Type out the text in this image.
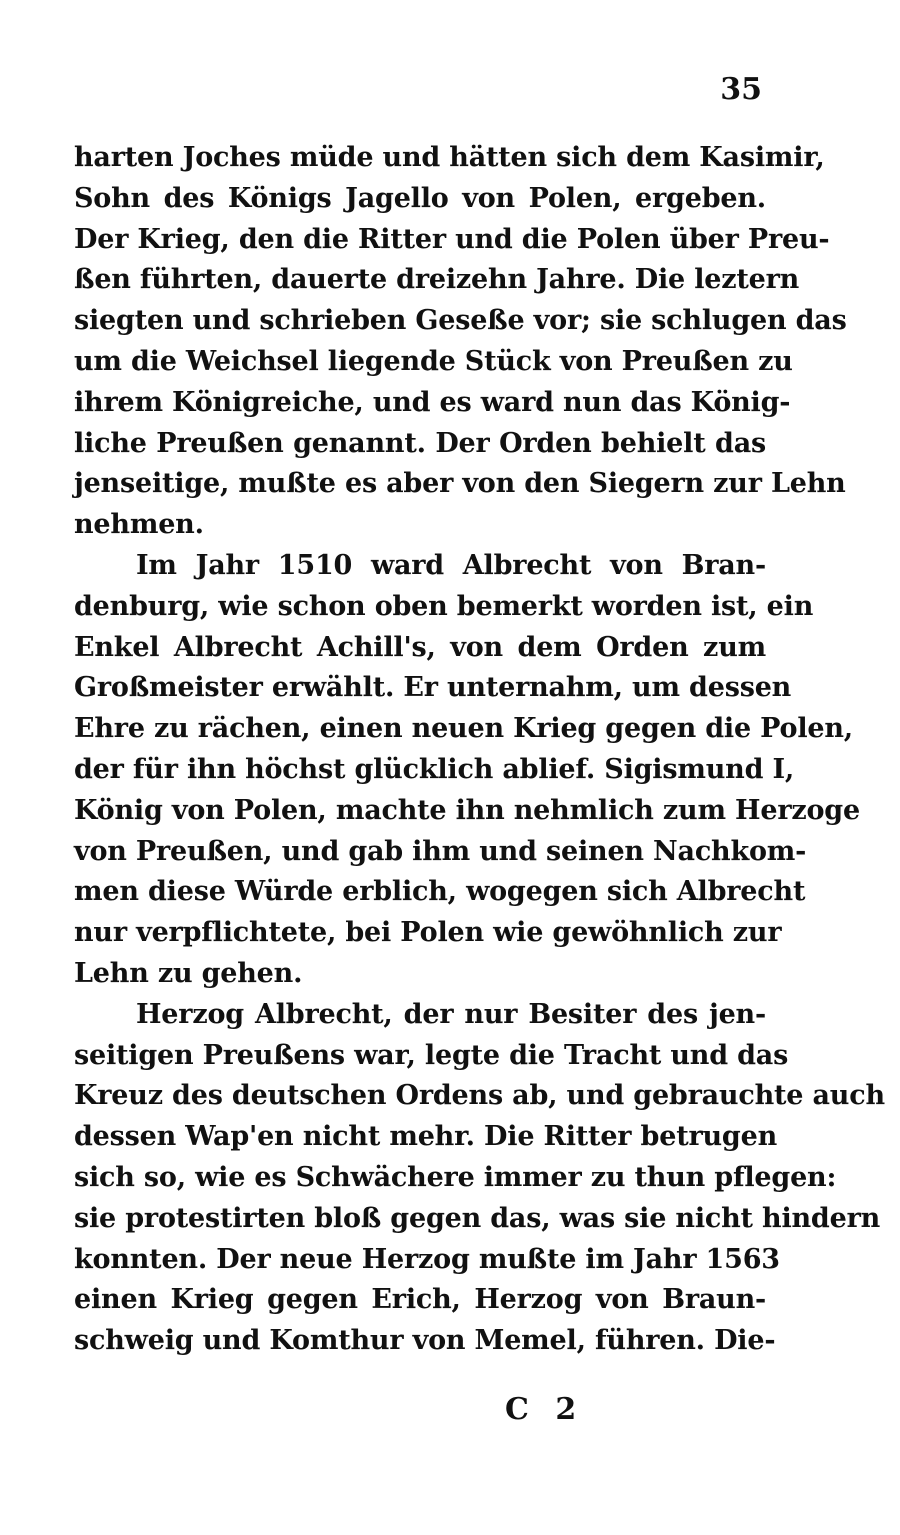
35
harten Joches müde und hätten sich dem Kasimir,
Sohn des Königs Jagello von Polen, ergeben.
Der Krieg, den die Ritter und die Polen über Preu-
ßen führten, dauerte dreizehn Jahre. Die leztern
siegten und schrieben Geseße vor; sie schlugen das
um die Weichsel liegende Stück von Preußen zu
ihrem Königreiche, und es ward nun das König-
liche Preußen genannt. Der Orden behielt das
jenseitige, mußte es aber von den Siegern zur Lehn
nehmen.
Im Jahr 1510 ward Albrecht von Bran-
denburg, wie schon oben bemerkt worden ist, ein
Enkel Albrecht Achill's, von dem Orden zum
Großmeister erwählt. Er unternahm, um dessen
Ehre zu rächen, einen neuen Krieg gegen die Polen,
der für ihn höchst glücklich ablief. Sigismund I,
König von Polen, machte ihn nehmlich zum Herzoge
von Preußen, und gab ihm und seinen Nachkom-
men diese Würde erblich, wogegen sich Albrecht
nur verpflichtete, bei Polen wie gewöhnlich zur
Lehn zu gehen.
Herzog Albrecht, der nur Besiter des jen-
seitigen Preußens war, legte die Tracht und das
Kreuz des deutschen Ordens ab, und gebrauchte auch
dessen Wap'en nicht mehr. Die Ritter betrugen
sich so, wie es Schwächere immer zu thun pflegen:
sie protestirten bloß gegen das, was sie nicht hindern
konnten. Der neue Herzog mußte im Jahr 1563
einen Krieg gegen Erich, Herzog von Braun-
schweig und Komthur von Memel, führen. Die-
C 2
